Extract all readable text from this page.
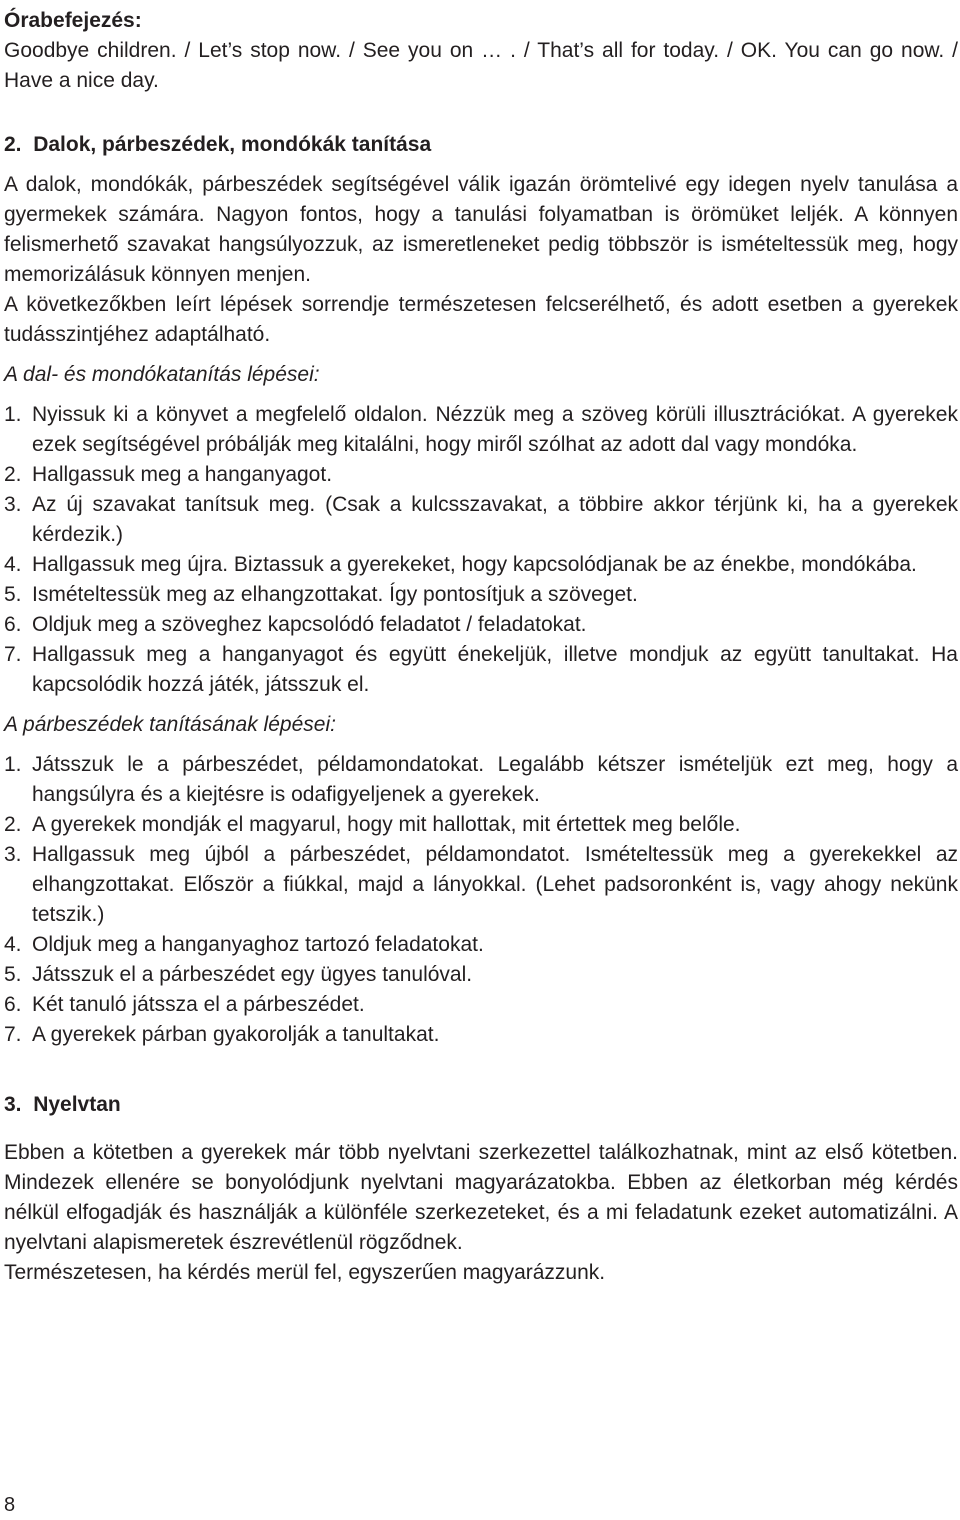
Órabefejezés:

Goodbye children. / Let’s stop now. / See you on … . / That’s all for today. / OK. You can go now. / Have a nice day.

2. Dalok, párbeszédek, mondókák tanítása

A dalok, mondókák, párbeszédek segítségével válik igazán örömtelivé egy idegen nyelv tanulása a gyermekek számára. Nagyon fontos, hogy a tanulási folyamatban is örömüket leljék. A könnyen felismerhető szavakat hangsúlyozzuk, az ismeretleneket pedig többször is ismételtessük meg, hogy memorizálásuk könnyen menjen.

A következőkben leírt lépések sorrendje természetesen felcserélhető, és adott esetben a gyerekek tudásszintjéhez adaptálható.

A dal- és mondókatanítás lépései:

1. Nyissuk ki a könyvet a megfelelő oldalon. Nézzük meg a szöveg körüli illusztrációkat. A gyerekek ezek segítségével próbálják meg kitalálni, hogy miről szólhat az adott dal vagy mondóka.
2. Hallgassuk meg a hanganyagot.
3. Az új szavakat tanítsuk meg. (Csak a kulcsszavakat, a többire akkor térjünk ki, ha a gyerekek kérdezik.)
4. Hallgassuk meg újra. Biztassuk a gyerekeket, hogy kapcsolódjanak be az énekbe, mondókába.
5. Ismételtessük meg az elhangzottakat. Így pontosítjuk a szöveget.
6. Oldjuk meg a szöveghez kapcsolódó feladatot / feladatokat.
7. Hallgassuk meg a hanganyagot és együtt énekeljük, illetve mondjuk az együtt tanultakat. Ha kapcsolódik hozzá játék, játsszuk el.

A párbeszédek tanításának lépései:

1. Játsszuk le a párbeszédet, példamondatokat. Legalább kétszer ismételjük ezt meg, hogy a hangsúlyra és a kiejtésre is odafigyeljenek a gyerekek.
2. A gyerekek mondják el magyarul, hogy mit hallottak, mit értettek meg belőle.
3. Hallgassuk meg újból a párbeszédet, példamondatot. Ismételtessük meg a gyerekekkel az elhangzottakat. Először a fiúkkal, majd a lányokkal. (Lehet padsoronként is, vagy ahogy nekünk tetszik.)
4. Oldjuk meg a hanganyaghoz tartozó feladatokat.
5. Játsszuk el a párbeszédet egy ügyes tanulóval.
6. Két tanuló játssza el a párbeszédet.
7. A gyerekek párban gyakorolják a tanultakat.

3. Nyelvtan

Ebben a kötetben a gyerekek már több nyelvtani szerkezettel találkozhatnak, mint az első kötetben. Mindezek ellenére se bonyolódjunk nyelvtani magyarázatokba. Ebben az életkorban még kérdés nélkül elfogadják és használják a különféle szerkezeteket, és a mi feladatunk ezeket automatizálni. A nyelvtani alapismeretek észrevétlenül rögződnek.

Természetesen, ha kérdés merül fel, egyszerűen magyarázzunk.

8
